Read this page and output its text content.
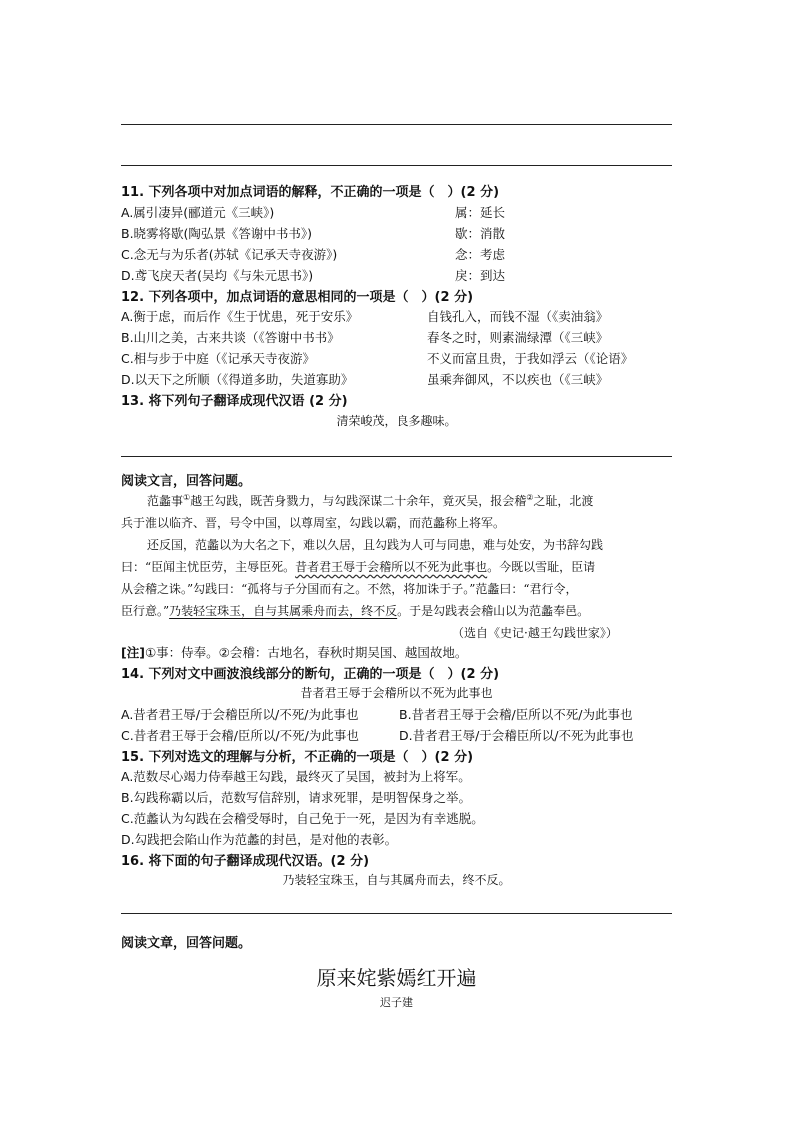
11. 下列各项中对加点词语的解释，不正确的一项是（　）(2 分)
A.属引凄异(郦道元《三峡》)	属：延长
B.晓雾将歇(陶弘景《答谢中书书》)	歇：消散
C.念无与为乐者(苏轼《记承天寺夜游》)	念：考虑
D.鸢飞戾天者(吴均《与朱元思书》)	戾：到达
12. 下列各项中，加点词语的意思相同的一项是（　）(2 分)
A.衡于虑，而后作《生于忧患，死于安乐》	自钱孔入，而钱不湿（《卖油翁》
B.山川之美，古来共谈（《答谢中书书》	春冬之时，则素湍绿潭（《三峡》
C.相与步于中庭（《记承天寺夜游》	不义而富且贵，于我如浮云（《论语》
D.以天下之所顺（《得道多助，失道寡助》	虽乘奔御风，不以疾也（《三峡》
13. 将下列句子翻译成现代汉语 (2 分)
清荣峻茂，良多趣味。
阅读文言，回答问题。
范蠡事①越王勾践，既苦身戮力，与勾践深谋二十余年，竟灭吴，报会稽②之耻，北渡
兵于淮以临齐、晋，号令中国，以尊周室，勾践以霸，而范蠡称上将军。
还反国，范蠡以为大名之下，难以久居，且勾践为人可与同患，难与处安，为书辞勾践
曰：“臣闻主忧臣劳，主辱臣死。昔者君王辱于会稽所以不死为此事也。今既以雪耻，臣请
从会稽之诛。”勾践曰：“孤将与子分国而有之。不然，将加诛于子。”范蠡曰：“君行令，
臣行意。”乃装轻宝珠玉，自与其属乘舟而去，终不反。于是勾践表会稽山以为范蠡奉邑。
（选自《史记·越王勾践世家》）
[注]①事：侍奉。②会稽：古地名，春秋时期吴国、越国故地。
14. 下列对文中画波浪线部分的断句，正确的一项是（　）(2 分)
昔者君王辱于会稽所以不死为此事也
A.昔者君王辱/于会稽臣所以/不死/为此事也	B.昔者君王辱于会稽/臣所以不死/为此事也
C.昔者君王辱于会稽/臣所以/不死/为此事也	D.昔者君王辱/于会稽臣所以/不死为此事也
15. 下列对选文的理解与分析，不正确的一项是（　）(2 分)
A.范数尽心竭力侍奉越王勾践，最终灭了吴国，被封为上将军。
B.勾践称霸以后，范数写信辞别，请求死罪，是明智保身之举。
C.范蠡认为勾践在会稽受辱时，自己免于一死，是因为有幸逃脱。
D.勾践把会陷山作为范蠡的封邑，是对他的表彰。
16. 将下面的句子翻译成现代汉语。(2 分)
乃装轻宝珠玉，自与其属舟而去，终不反。
阅读文章，回答问题。
原来姹紫嫣红开遍
迟子建
